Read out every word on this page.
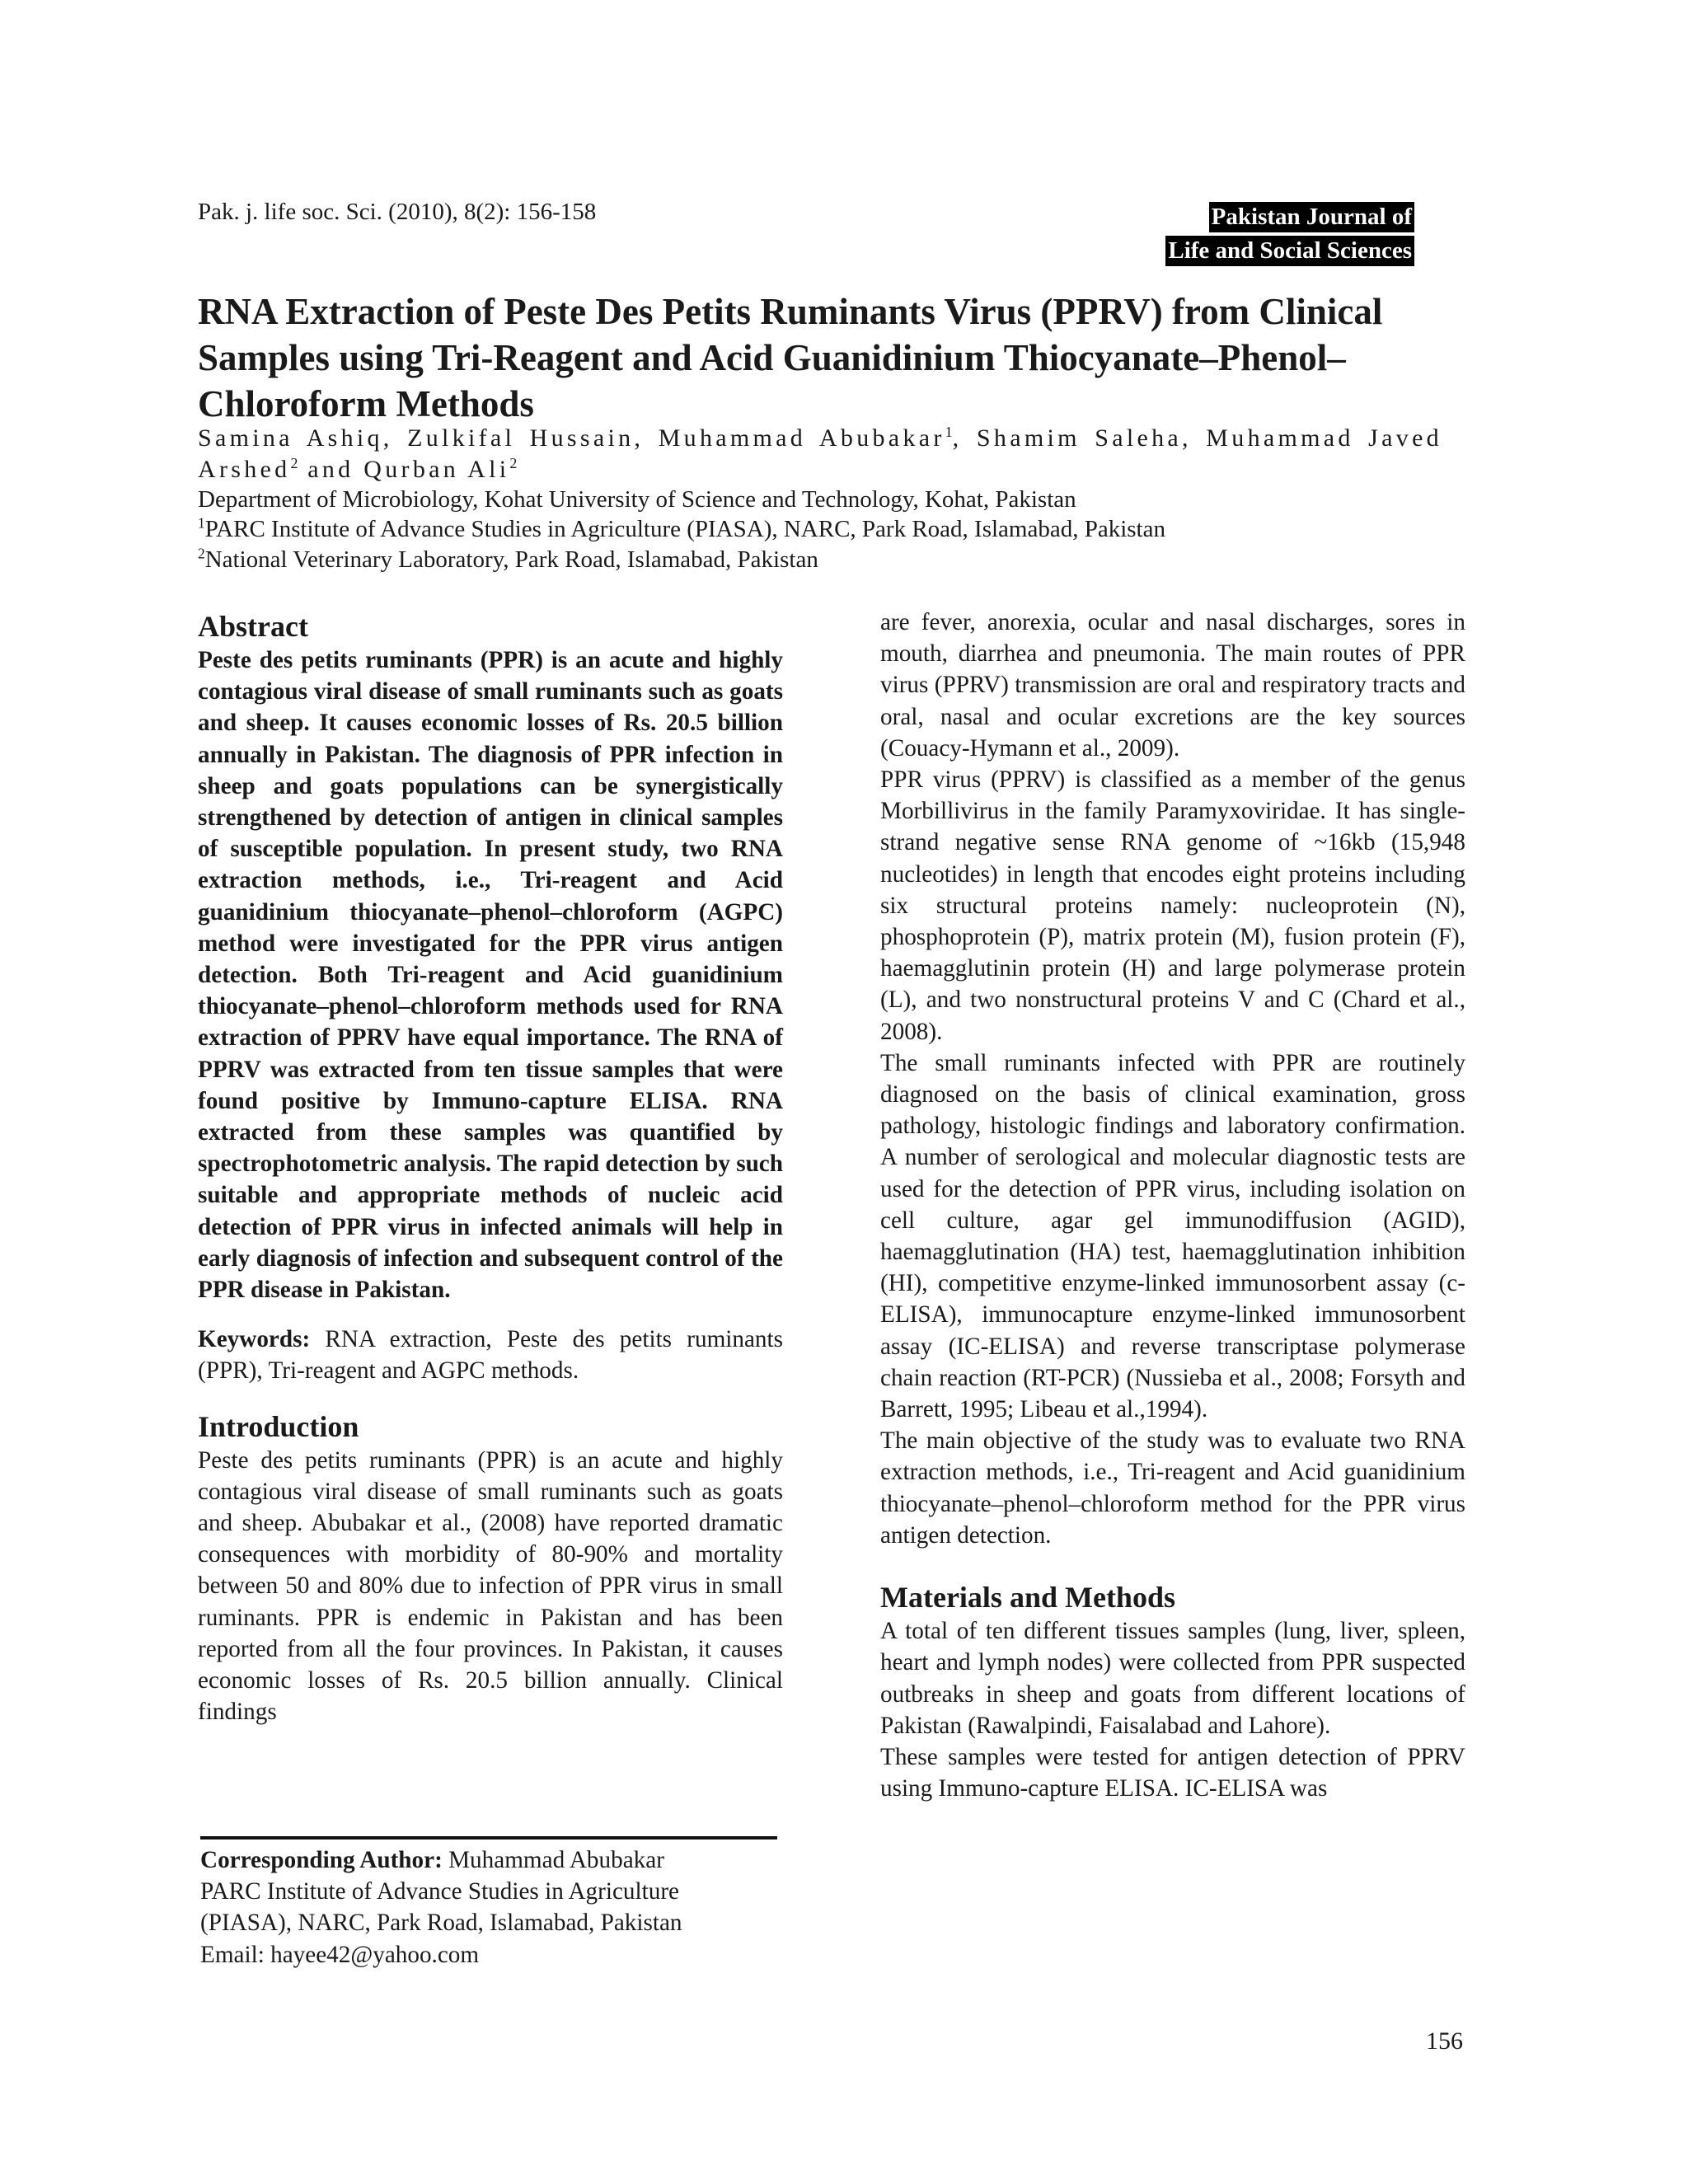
Pak. j. life soc. Sci. (2010), 8(2): 156-158	Pakistan Journal of
Life and Social Sciences
RNA Extraction of Peste Des Petits Ruminants Virus (PPRV) from Clinical Samples using Tri-Reagent and Acid Guanidinium Thiocyanate–Phenol–Chloroform Methods
Samina Ashiq, Zulkifal Hussain, Muhammad Abubakar$^1$, Shamim Saleha, Muhammad Javed Arshed$^2$ and Qurban Ali$^2$
Department of Microbiology, Kohat University of Science and Technology, Kohat, Pakistan
$^1$PARC Institute of Advance Studies in Agriculture (PIASA), NARC, Park Road, Islamabad, Pakistan
$^2$National Veterinary Laboratory, Park Road, Islamabad, Pakistan
Abstract

Peste des petits ruminants (PPR) is an acute and highly contagious viral disease of small ruminants such as goats and sheep. It causes economic losses of Rs. 20.5 billion annually in Pakistan. The diagnosis of PPR infection in sheep and goats populations can be synergistically strengthened by detection of antigen in clinical samples of susceptible population. In present study, two RNA extraction methods, i.e., Tri-reagent and Acid guanidinium thiocyanate–phenol–chloroform (AGPC) method were investigated for the PPR virus antigen detection. Both Tri-reagent and Acid guanidinium thiocyanate–phenol–chloroform methods used for RNA extraction of PPRV have equal importance. The RNA of PPRV was extracted from ten tissue samples that were found positive by Immuno-capture ELISA. RNA extracted from these samples was quantified by spectrophotometric analysis. The rapid detection by such suitable and appropriate methods of nucleic acid detection of PPR virus in infected animals will help in early diagnosis of infection and subsequent control of the PPR disease in Pakistan.

Keywords: RNA extraction, Peste des petits ruminants (PPR), Tri-reagent and AGPC methods.

Introduction

Peste des petits ruminants (PPR) is an acute and highly contagious viral disease of small ruminants such as goats and sheep. Abubakar et al., (2008) have reported dramatic consequences with morbidity of 80-90% and mortality between 50 and 80% due to infection of PPR virus in small ruminants. PPR is endemic in Pakistan and has been reported from all the four provinces. In Pakistan, it causes economic losses of Rs. 20.5 billion annually. Clinical findings

are fever, anorexia, ocular and nasal discharges, sores in mouth, diarrhea and pneumonia. The main routes of PPR virus (PPRV) transmission are oral and respiratory tracts and oral, nasal and ocular excretions are the key sources (Couacy-Hymann et al., 2009).

PPR virus (PPRV) is classified as a member of the genus Morbillivirus in the family Paramyxoviridae. It has single-strand negative sense RNA genome of ~16kb (15,948 nucleotides) in length that encodes eight proteins including six structural proteins namely: nucleoprotein (N), phosphoprotein (P), matrix protein (M), fusion protein (F), haemagglutinin protein (H) and large polymerase protein (L), and two nonstructural proteins V and C (Chard et al., 2008).

The small ruminants infected with PPR are routinely diagnosed on the basis of clinical examination, gross pathology, histologic findings and laboratory confirmation. A number of serological and molecular diagnostic tests are used for the detection of PPR virus, including isolation on cell culture, agar gel immunodiffusion (AGID), haemagglutination (HA) test, haemagglutination inhibition (HI), competitive enzyme-linked immunosorbent assay (c-ELISA), immunocapture enzyme-linked immunosorbent assay (IC-ELISA) and reverse transcriptase polymerase chain reaction (RT-PCR) (Nussieba et al., 2008; Forsyth and Barrett, 1995; Libeau et al.,1994).

The main objective of the study was to evaluate two RNA extraction methods, i.e., Tri-reagent and Acid guanidinium thiocyanate–phenol–chloroform method for the PPR virus antigen detection.

Materials and Methods

A total of ten different tissues samples (lung, liver, spleen, heart and lymph nodes) were collected from PPR suspected outbreaks in sheep and goats from different locations of Pakistan (Rawalpindi, Faisalabad and Lahore).

These samples were tested for antigen detection of PPRV using Immuno-capture ELISA. IC-ELISA was

Corresponding Author: Muhammad Abubakar
PARC Institute of Advance Studies in Agriculture
(PIASA), NARC, Park Road, Islamabad, Pakistan
Email: hayee42@yahoo.com
156
